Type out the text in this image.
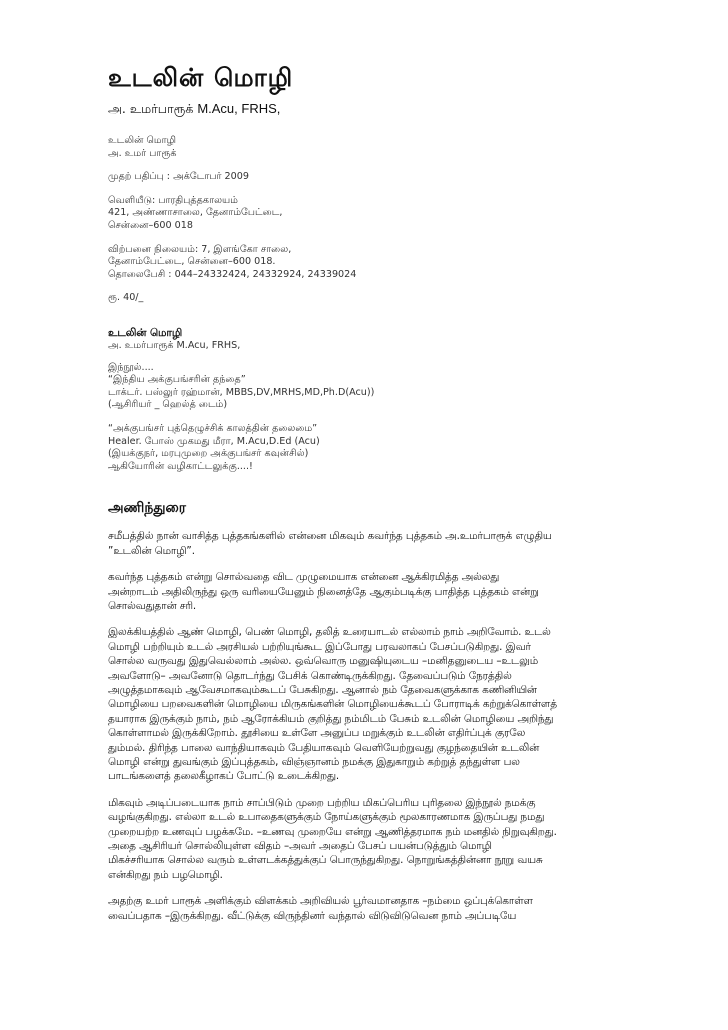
உடலின் மொழி
அ. உமர்பாரூக் M.Acu, FRHS,

உடலின் மொழி

அ. உமர் பாரூக்

முதற் பதிப்பு : அக்டோபர் 2009

வெளியீடு: பாரதிபுத்தகாலயம்

421, அண்ணாசாலை, தேனாம்பேட்டை,

சென்னை–600 018

விற்பனை நிலையம்: 7, இளங்கோ சாலை,

தேனாம்பேட்டை, சென்னை–600 018.

தொலைபேசி : 044–24332424, 24332924, 24339024

ரூ. 40/_

உடலின் மொழி

அ. உமர்பாரூக் M.Acu, FRHS,

இந்நூல்....

“இந்திய அக்குபங்சரின் தந்தை”

டாக்டர். பஸ்லுர் ரஹ்மான், MBBS,DV,MRHS,MD,Ph.D(Acu))

(ஆசிரியர் _ ஹெல்த் டைம்)

“அக்குபங்சர் புத்தெழுச்சிக் காலத்தின் தலைமை”

Healer. போஸ் முகமது மீரா, M.Acu,D.Ed (Acu)

(இயக்குநர், மரபுமுறை அக்குபங்சர் கவுன்சில்)

ஆகியோரின் வழிகாட்டலுக்கு....!

அணிந்துரை

சமீபத்தில் நான் வாசித்த புத்தகங்களில் என்னை மிகவும் கவர்ந்த புத்தகம் அ.உமர்பாரூக் எழுதிய

”உடலின் மொழி”.

கவர்ந்த புத்தகம் என்று சொல்வதை விட முழுமையாக என்னை ஆக்கிரமித்த அல்லது

அன்றாடம் அதிலிருந்து ஒரு வரியையேனும் நினைத்தே ஆகும்படிக்கு பாதித்த புத்தகம் என்று

சொல்வதுதான் சரி.

இலக்கியத்தில் ஆண் மொழி, பெண் மொழி, தலித் உரையாடல் எல்லாம் நாம் அறிவோம். உடல்

மொழி பற்றியும் உடல் அரசியல் பற்றியுங்கூட இப்போது பரவலாகப் பேசப்படுகிறது. இவர்

சொல்ல வருவது இதுவெல்லாம் அல்ல. ஒவ்வொரு மனுஷியுடைய –மனிதனுடைய –உடலும்

அவளோடு– அவனோடு தொடர்ந்து பேசிக் கொண்டிருக்கிறது. தேவைப்படும் நேரத்தில்

அழுத்தமாகவும் ஆவேசமாகவும்கூடப் பேசுகிறது. ஆனால் நம் தேவைகளுக்காக கணினியின்

மொழியை பறவைகளின் மொழியை மிருகங்களின் மொழியைக்கூடப் போராடிக் கற்றுக்கொள்ளத்

தயாராக இருக்கும் நாம், நம் ஆரோக்கியம் குறித்து நம்மிடம் பேசும் உடலின் மொழியை அறிந்து

கொள்ளாமல் இருக்கிறோம். தூசியை உள்ளே அனுப்ப மறுக்கும் உடலின் எதிர்ப்புக் குரலே

தும்மல். திரிந்த பாலை வாந்தியாகவும் பேதியாகவும் வெளியேற்றுவது குழந்தையின் உடலின்

மொழி என்று துவங்கும் இப்புத்தகம், விஞ்ஞானம் நமக்கு இதுகாறும் கற்றுத் தந்துள்ள பல

பாடங்களைத் தலைகீழாகப் போட்டு உடைக்கிறது.

மிகவும் அடிப்படையாக நாம் சாப்பிடும் முறை பற்றிய மிகப்பெரிய புரிதலை இந்நூல் நமக்கு

வழங்குகிறது. எல்லா உடல் உபாதைகளுக்கும் நோய்களுக்கும் மூலகாரணமாக இருப்பது நமது

முறையற்ற உணவுப் பழக்கமே. –உணவு முறையே என்று ஆணித்தரமாக நம் மனதில் நிறுவுகிறது.

அதை ஆசிரியர் சொல்லியுள்ள விதம் –அவர் அதைப் பேசப் பயன்படுத்தும் மொழி

மிகச்சரியாக சொல்ல வரும் உள்ளடக்கத்துக்குப் பொருந்துகிறது. நொறுங்கத்தின்னா நூறு வயசு

என்கிறது நம் பழமொழி.

அதற்கு உமர் பாரூக் அளிக்கும் விளக்கம் அறிவியல் பூர்வமானதாக –நம்மை ஒப்புக்கொள்ள

வைப்பதாக –இருக்கிறது. வீட்டுக்கு விருந்தினர் வந்தால் விடுவிடுவென நாம் அப்படியே
